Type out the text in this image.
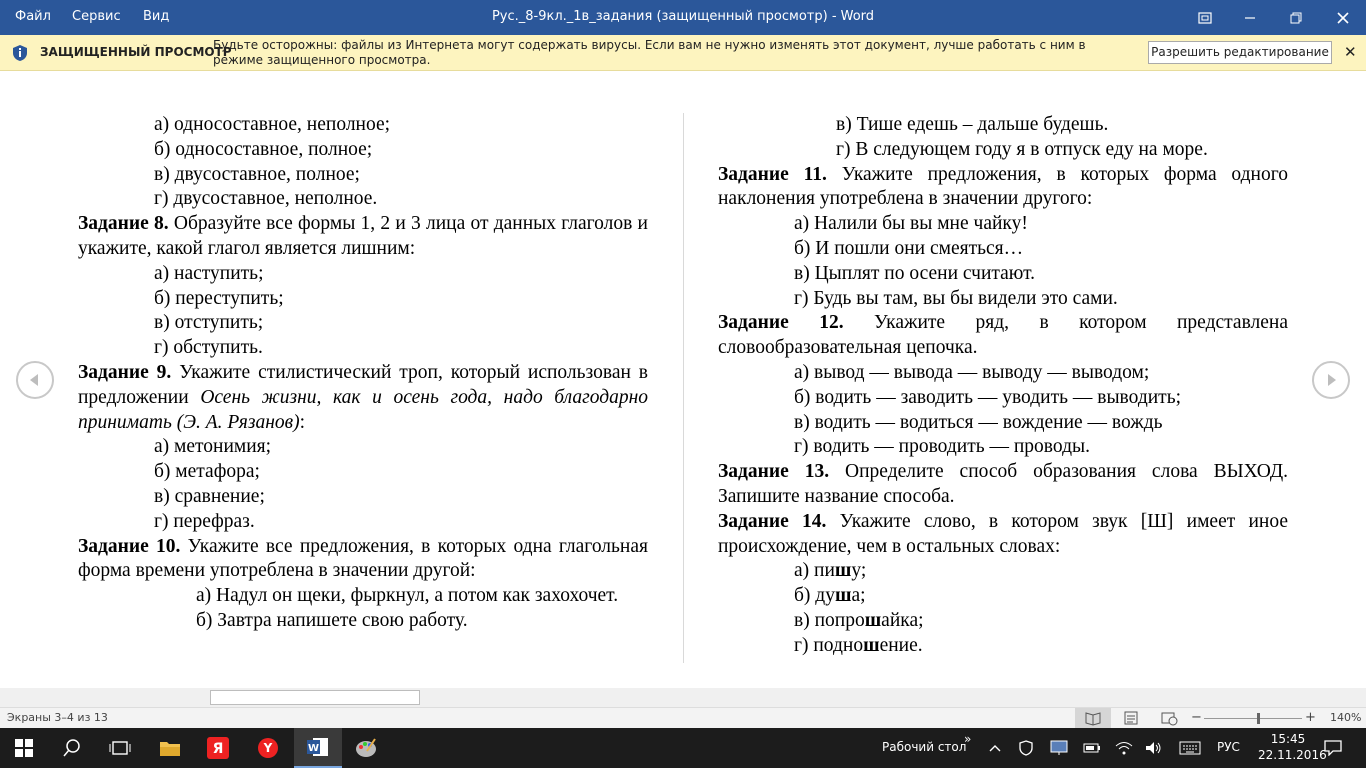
Файл Сервис Вид	Рус._8-9кл._1в_задания (защищенный просмотр) - Word
ЗАЩИЩЕННЫЙ ПРОСМОТР
Будьте осторожны: файлы из Интернета могут содержать вирусы. Если вам не нужно изменять этот документ, лучше работать с ним в режиме защищенного просмотра.
Разрешить редактирование ✕
а) односоставное, неполное;
б) односоставное, полное;
в) двусоставное, полное;
г) двусоставное, неполное.
Задание 8. Образуйте все формы 1, 2 и 3 лица от данных глаголов и укажите, какой глагол является лишним:
а) наступить;
б) переступить;
в) отступить;
г) обступить.
Задание 9. Укажите стилистический троп, который использован в предложении Осень жизни, как и осень года, надо благодарно принимать (Э. А. Рязанов):
а) метонимия;
б) метафора;
в) сравнение;
г) перефраз.
Задание 10. Укажите все предложения, в которых одна глагольная форма времени употреблена в значении другой:
а) Надул он щеки, фыркнул, а потом как захохочет.
б) Завтра напишете свою работу.
в) Тише едешь – дальше будешь.
г) В следующем году я в отпуск еду на море.
Задание 11. Укажите предложения, в которых форма одного наклонения употреблена в значении другого:
а) Налили бы вы мне чайку!
б) И пошли они смеяться…
в) Цыплят по осени считают.
г) Будь вы там, вы бы видели это сами.
Задание 12. Укажите ряд, в котором представлена словообразовательная цепочка.
а) вывод — вывода — выводу — выводом;
б) водить — заводить — уводить — выводить;
в) водить — водиться — вождение — вождь
г) водить — проводить — проводы.
Задание 13. Определите способ образования слова ВЫХОД. Запишите название способа.
Задание 14. Укажите слово, в котором звук [Ш] имеет иное происхождение, чем в остальных словах:
а) пишу;
б) душа;
в) попрошайка;
г) подношение.
Экраны 3–4 из 13	−	+ 140%
Я	Y	W	Рабочий стол
»
РУС
15:45
22.11.2016
